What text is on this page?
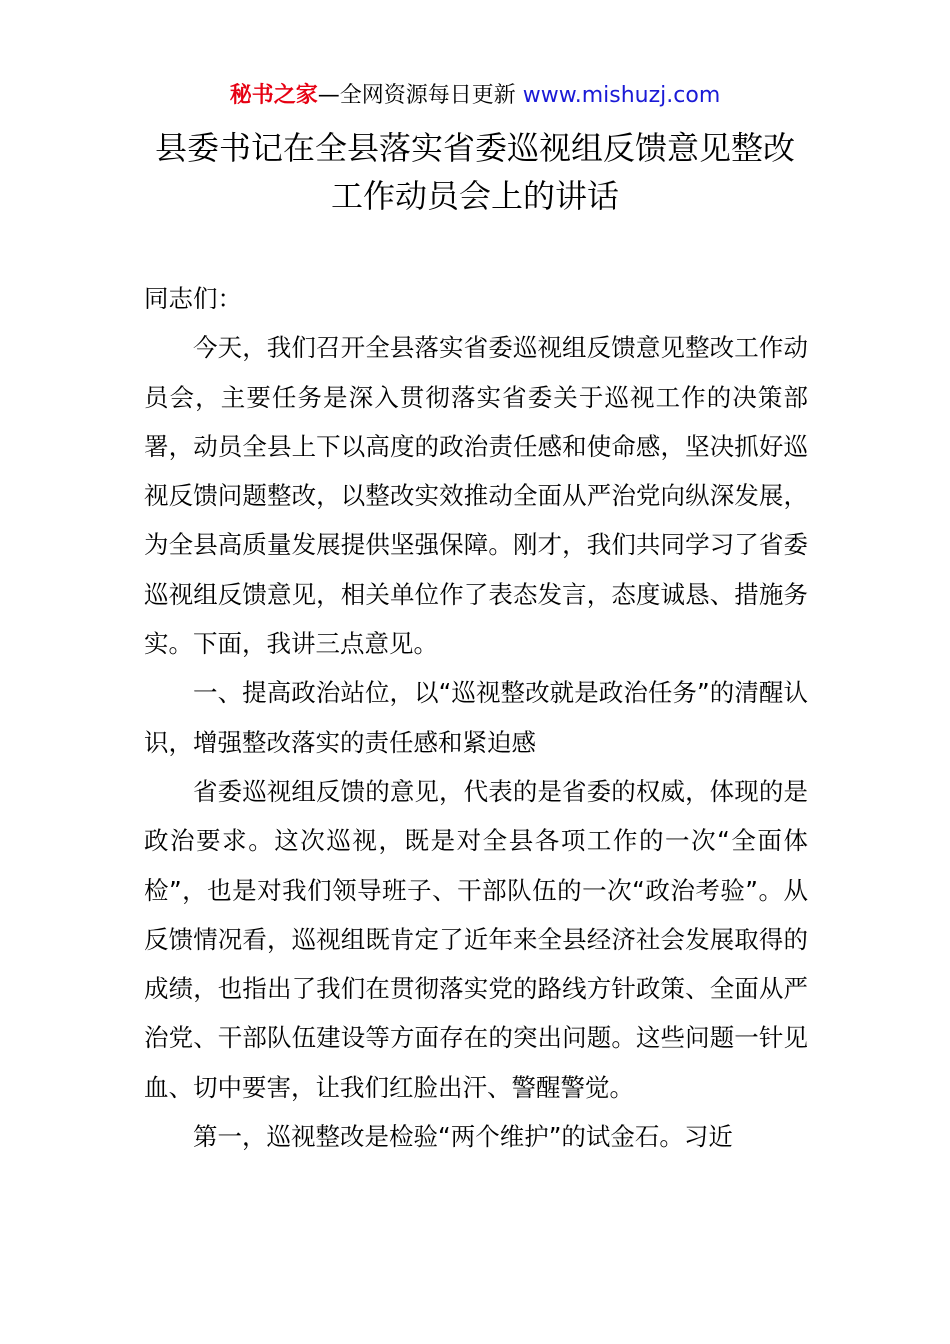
秘书之家—全网资源每日更新 www.mishuzj.com
县委书记在全县落实省委巡视组反馈意见整改
工作动员会上的讲话

同志们：

今天，我们召开全县落实省委巡视组反馈意见整改工作动员会，主要任务是深入贯彻落实省委关于巡视工作的决策部署，动员全县上下以高度的政治责任感和使命感，坚决抓好巡视反馈问题整改，以整改实效推动全面从严治党向纵深发展，为全县高质量发展提供坚强保障。刚才，我们共同学习了省委巡视组反馈意见，相关单位作了表态发言，态度诚恳、措施务实。下面，我讲三点意见。

一、提高政治站位，以“巡视整改就是政治任务”的清醒认识，增强整改落实的责任感和紧迫感

省委巡视组反馈的意见，代表的是省委的权威，体现的是政治要求。这次巡视，既是对全县各项工作的一次“全面体检”，也是对我们领导班子、干部队伍的一次“政治考验”。从反馈情况看，巡视组既肯定了近年来全县经济社会发展取得的成绩，也指出了我们在贯彻落实党的路线方针政策、全面从严治党、干部队伍建设等方面存在的突出问题。这些问题一针见血、切中要害，让我们红脸出汗、警醒警觉。

第一，巡视整改是检验“两个维护”的试金石。习近
